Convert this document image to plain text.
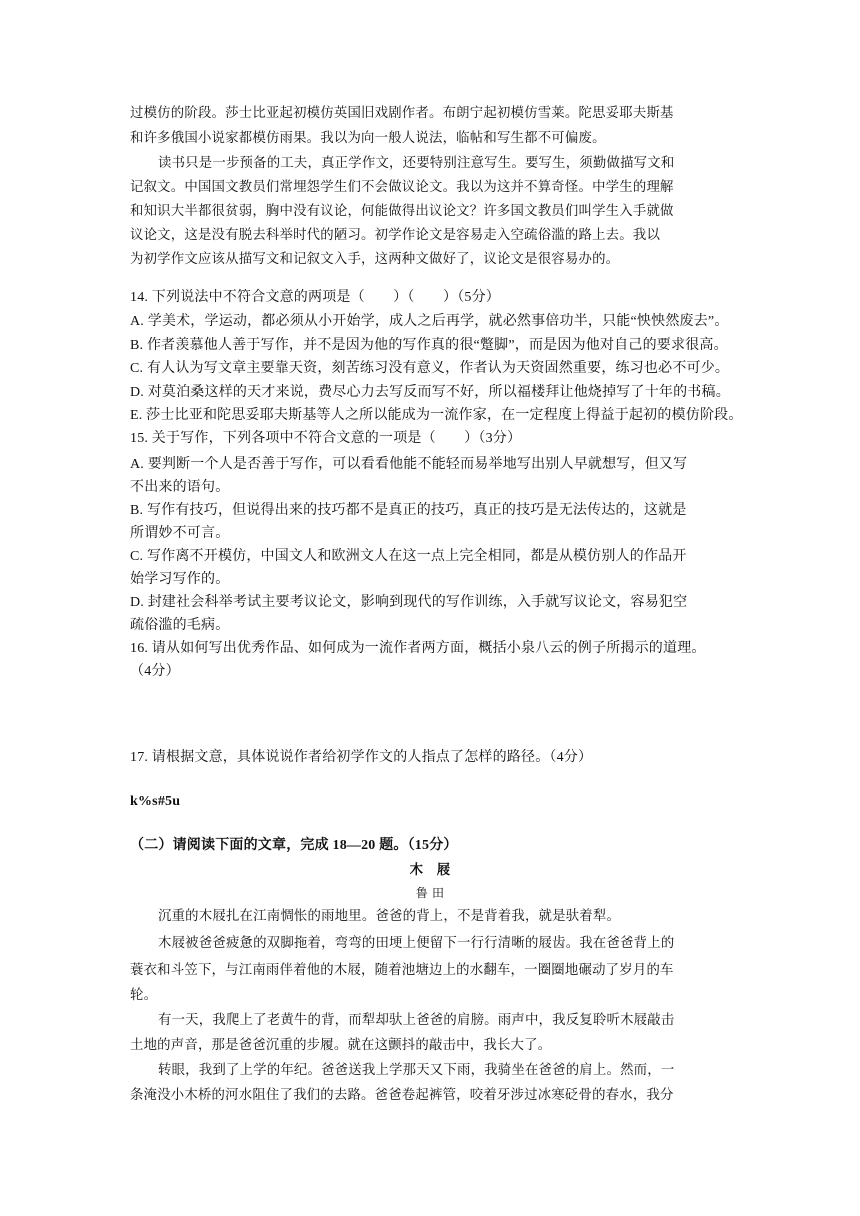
过模仿的阶段。莎士比亚起初模仿英国旧戏剧作者。布朗宁起初模仿雪莱。陀思妥耶夫斯基
和许多俄国小说家都模仿雨果。我以为向一般人说法，临帖和写生都不可偏废。
读书只是一步预备的工夫，真正学作文，还要特别注意写生。要写生，须勤做描写文和
记叙文。中国国文教员们常埋怨学生们不会做议论文。我以为这并不算奇怪。中学生的理解
和知识大半都很贫弱，胸中没有议论，何能做得出议论文？许多国文教员们叫学生入手就做
议论文，这是没有脱去科举时代的陋习。初学作论文是容易走入空疏俗滥的路上去。我以
为初学作文应该从描写文和记叙文入手，这两种文做好了，议论文是很容易办的。
14. 下列说法中不符合文意的两项是（　　）（　　）（5分）
A. 学美术，学运动，都必须从小开始学，成人之后再学，就必然事倍功半，只能“怏怏然废去”。
B. 作者羡慕他人善于写作，并不是因为他的写作真的很“蹩脚”，而是因为他对自己的要求很高。
C. 有人认为写文章主要靠天资，刻苦练习没有意义，作者认为天资固然重要，练习也必不可少。
D. 对莫泊桑这样的天才来说，费尽心力去写反而写不好，所以福楼拜让他烧掉写了十年的书稿。
E. 莎士比亚和陀思妥耶夫斯基等人之所以能成为一流作家，在一定程度上得益于起初的模仿阶段。
15. 关于写作，下列各项中不符合文意的一项是（　　）（3分）
A. 要判断一个人是否善于写作，可以看看他能不能轻而易举地写出别人早就想写，但又写
不出来的语句。
B. 写作有技巧，但说得出来的技巧都不是真正的技巧，真正的技巧是无法传达的，这就是
所谓妙不可言。
C. 写作离不开模仿，中国文人和欧洲文人在这一点上完全相同，都是从模仿别人的作品开
始学习写作的。
D. 封建社会科举考试主要考议论文，影响到现代的写作训练，入手就写议论文，容易犯空
疏俗滥的毛病。
16. 请从如何写出优秀作品、如何成为一流作者两方面，概括小泉八云的例子所揭示的道理。
（4分）
17. 请根据文意，具体说说作者给初学作文的人指点了怎样的路径。（4分）
k%s#5u
（二）请阅读下面的文章，完成 18—20 题。（15分）
木　屐
鲁 田
沉重的木屐扎在江南惆怅的雨地里。爸爸的背上，不是背着我，就是驮着犁。
木屐被爸爸疲惫的双脚拖着，弯弯的田埂上便留下一行行清晰的屐齿。我在爸爸背上的
蓑衣和斗笠下，与江南雨伴着他的木屐，随着池塘边上的水翻车，一圈圈地碾动了岁月的车
轮。
有一天，我爬上了老黄牛的背，而犁却驮上爸爸的肩膀。雨声中，我反复聆听木屐敲击
土地的声音，那是爸爸沉重的步履。就在这颤抖的敲击中，我长大了。
转眼，我到了上学的年纪。爸爸送我上学那天又下雨，我骑坐在爸爸的肩上。然而，一
条淹没小木桥的河水阻住了我们的去路。爸爸卷起裤管，咬着牙涉过冰寒砭骨的春水，我分
